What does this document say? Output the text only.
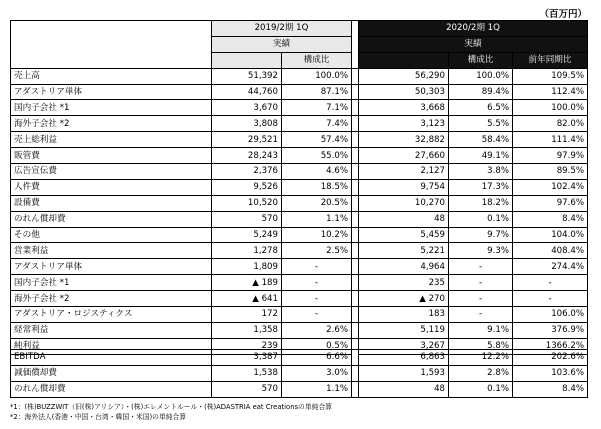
（百万円）
	2019/2期 1Q			2020/2期 1Q		
	実績			実績		
		構成比			構成比	前年同期比
売上高	51,392	100.0%		56,290	100.0%	109.5%
アダストリア単体	44,760	87.1%		50,303	89.4%	112.4%
国内子会社 *1	3,670	7.1%		3,668	6.5%	100.0%
海外子会社 *2	3,808	7.4%		3,123	5.5%	82.0%
売上総利益	29,521	57.4%		32,882	58.4%	111.4%
販管費	28,243	55.0%		27,660	49.1%	97.9%
広告宣伝費	2,376	4.6%		2,127	3.8%	89.5%
人件費	9,526	18.5%		9,754	17.3%	102.4%
設備費	10,520	20.5%		10,270	18.2%	97.6%
のれん償却費	570	1.1%		48	0.1%	8.4%
その他	5,249	10.2%		5,459	9.7%	104.0%
営業利益	1,278	2.5%		5,221	9.3%	408.4%
アダストリア単体	1,809	-		4,964	-	274.4%
国内子会社 *1	▲ 189	-		235	-	-
海外子会社 *2	▲ 641	-		▲ 270	-	-
アダストリア・ロジスティクス	172	-		183	-	106.0%
経常利益	1,358	2.6%		5,119	9.1%	376.9%
純利益	239	0.5%		3,267	5.8%	1366.2%
EBITDA	3,387	6.6%		6,863	12.2%	202.6%
減価償却費	1,538	3.0%		1,593	2.8%	103.6%
のれん償却費	570	1.1%		48	0.1%	8.4%
*1：(株)BUZZWIT（旧(株)アリシア）・(株)エレメントルール・(株)ADASTRIA eat Creationsの単純合算
*2：海外法人(香港・中国・台湾・韓国・米国)の単純合算
